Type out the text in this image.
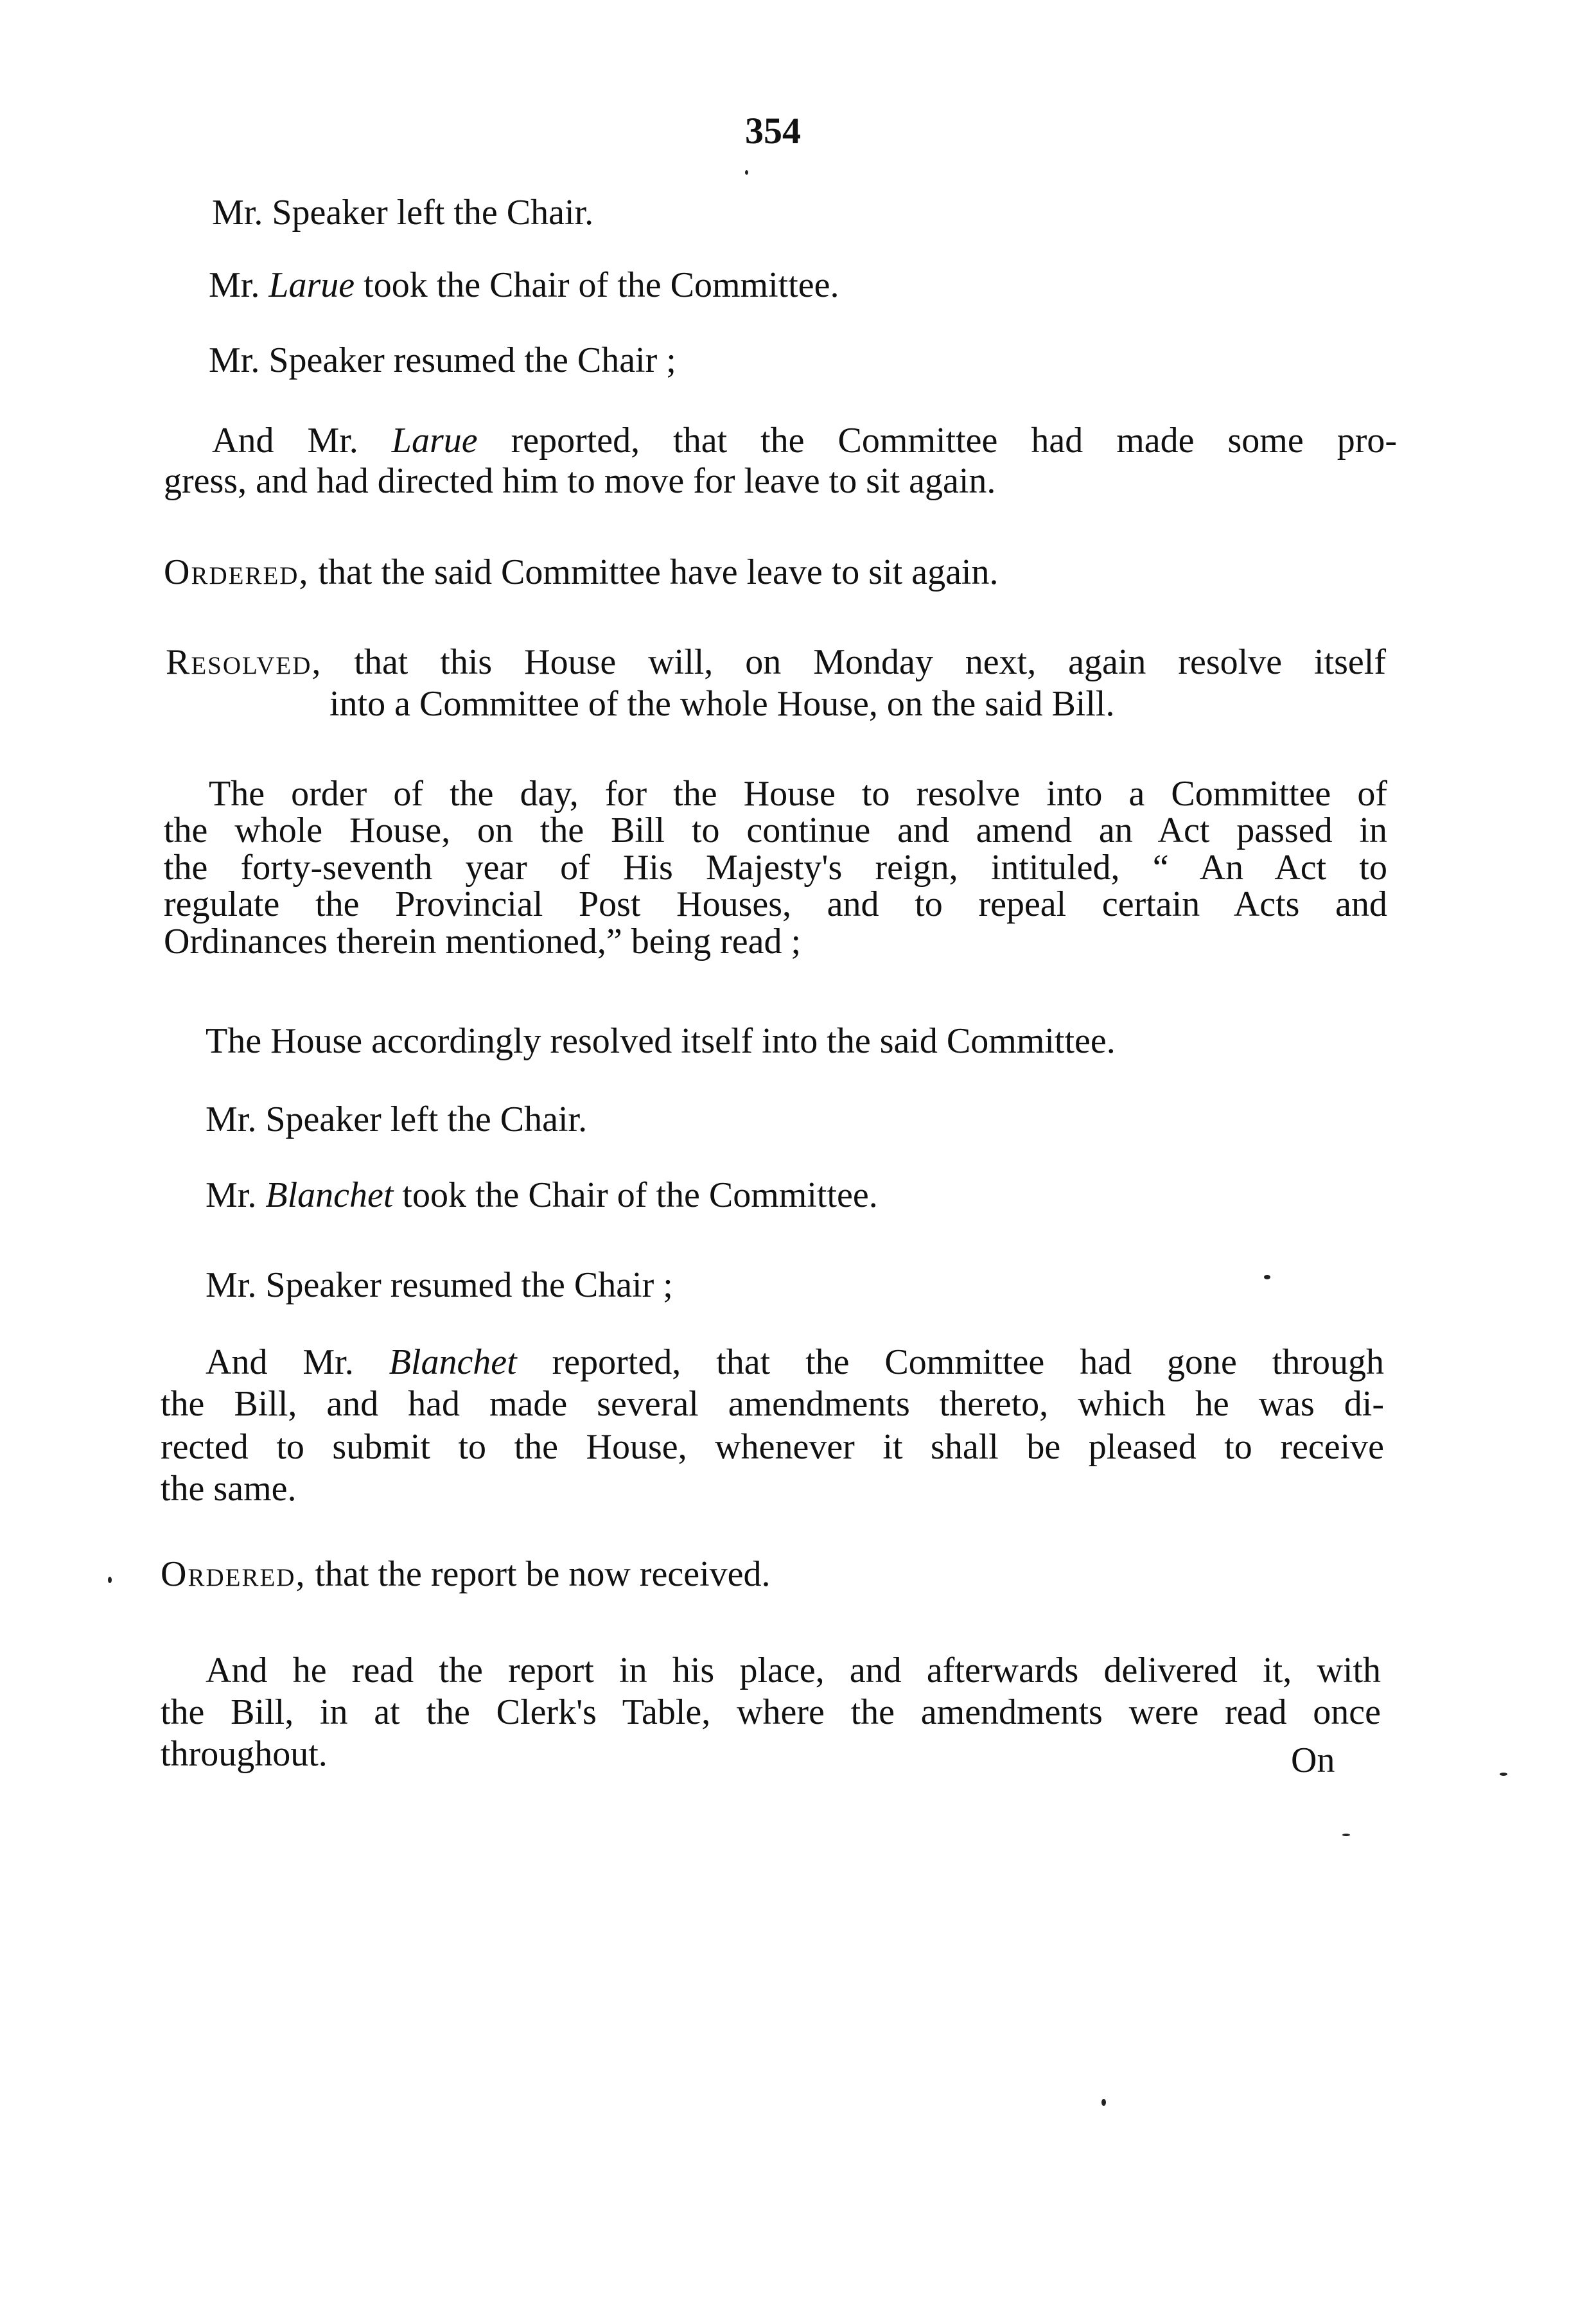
354
Mr. Speaker left the Chair.
Mr. Larue took the Chair of the Committee.
Mr. Speaker resumed the Chair ;
And Mr. Larue reported, that the Committee had made some pro-
gress, and had directed him to move for leave to sit again.
Ordered, that the said Committee have leave to sit again.
Resolved, that this House will, on Monday next, again resolve itself
into a Committee of the whole House, on the said Bill.
The order of the day, for the House to resolve into a Committee of
the whole House, on the Bill to continue and amend an Act passed in
the forty-seventh year of His Majesty's reign, intituled, “ An Act to
regulate the Provincial Post Houses, and to repeal certain Acts and
Ordinances therein mentioned,” being read ;
The House accordingly resolved itself into the said Committee.
Mr. Speaker left the Chair.
Mr. Blanchet took the Chair of the Committee.
Mr. Speaker resumed the Chair ;
And Mr. Blanchet reported, that the Committee had gone through
the Bill, and had made several amendments thereto, which he was di-
rected to submit to the House, whenever it shall be pleased to receive
the same.
Ordered, that the report be now received.
And he read the report in his place, and afterwards delivered it, with
the Bill, in at the Clerk's Table, where the amendments were read once
throughout.	On
